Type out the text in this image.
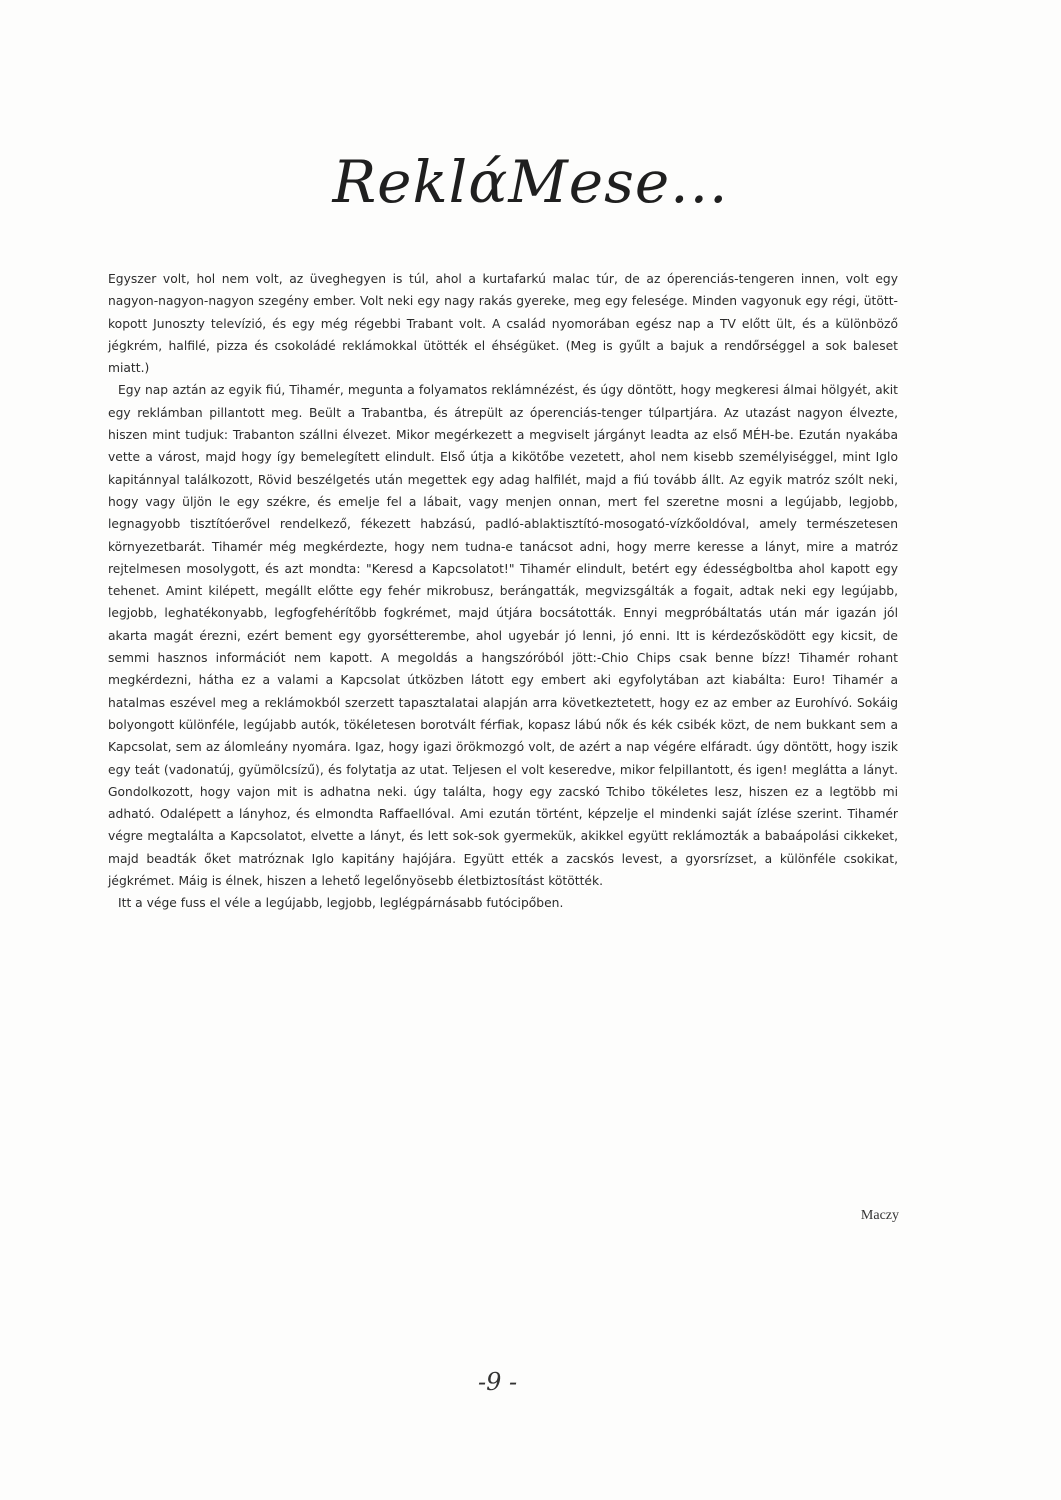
ReklάMese...

Egyszer volt, hol nem volt, az üveghegyen is túl, ahol a kurtafarkú malac túr, de az óperenciás-tengeren innen, volt egy nagyon-nagyon-nagyon szegény ember. Volt neki egy nagy rakás gyereke, meg egy felesége. Minden vagyonuk egy régi, ütött-kopott Junoszty televízió, és egy még régebbi Trabant volt. A család nyomorában egész nap a TV előtt ült, és a különböző jégkrém, halfilé, pizza és csokoládé reklámokkal ütötték el éhségüket. (Meg is gyűlt a bajuk a rendőrséggel a sok baleset miatt.)

Egy nap aztán az egyik fiú, Tihamér, megunta a folyamatos reklámnézést, és úgy döntött, hogy megkeresi álmai hölgyét, akit egy reklámban pillantott meg. Beült a Trabantba, és átrepült az óperenciás-tenger túlpartjára. Az utazást nagyon élvezte, hiszen mint tudjuk: Trabanton szállni élvezet. Mikor megérkezett a megviselt járgányt leadta az első MÉH-be. Ezután nyakába vette a várost, majd hogy így bemelegített elindult. Első útja a kikötőbe vezetett, ahol nem kisebb személyiséggel, mint Iglo kapitánnyal találkozott, Rövid beszélgetés után megettek egy adag halfilét, majd a fiú tovább állt. Az egyik matróz szólt neki, hogy vagy üljön le egy székre, és emelje fel a lábait, vagy menjen onnan, mert fel szeretne mosni a legújabb, legjobb, legnagyobb tisztítóerővel rendelkező, fékezett habzású, padló-ablaktisztító-mosogató-vízkőoldóval, amely természetesen környezetbarát. Tihamér még megkérdezte, hogy nem tudna-e tanácsot adni, hogy merre keresse a lányt, mire a matróz rejtelmesen mosolygott, és azt mondta: "Keresd a Kapcsolatot!" Tihamér elindult, betért egy édességboltba ahol kapott egy tehenet. Amint kilépett, megállt előtte egy fehér mikrobusz, berángatták, megvizsgálták a fogait, adtak neki egy legújabb, legjobb, leghatékonyabb, legfogfehérítőbb fogkrémet, majd útjára bocsátották. Ennyi megpróbáltatás után már igazán jól akarta magát érezni, ezért bement egy gyorsétterembe, ahol ugyebár jó lenni, jó enni. Itt is kérdezősködött egy kicsit, de semmi hasznos információt nem kapott. A megoldás a hangszóróból jött:-Chio Chips csak benne bízz! Tihamér rohant megkérdezni, hátha ez a valami a Kapcsolat útközben látott egy embert aki egyfolytában azt kiabálta: Euro! Tihamér a hatalmas eszével meg a reklámokból szerzett tapasztalatai alapján arra következtetett, hogy ez az ember az Eurohívó. Sokáig bolyongott különféle, legújabb autók, tökéletesen borotvált férfiak, kopasz lábú nők és kék csibék közt, de nem bukkant sem a Kapcsolat, sem az álomleány nyomára. Igaz, hogy igazi örökmozgó volt, de azért a nap végére elfáradt. úgy döntött, hogy iszik egy teát (vadonatúj, gyümölcsízű), és folytatja az utat. Teljesen el volt keseredve, mikor felpillantott, és igen! meglátta a lányt. Gondolkozott, hogy vajon mit is adhatna neki. úgy találta, hogy egy zacskó Tchibo tökéletes lesz, hiszen ez a legtöbb mi adható. Odalépett a lányhoz, és elmondta Raffaellóval. Ami ezután történt, képzelje el mindenki saját ízlése szerint. Tihamér végre megtalálta a Kapcsolatot, elvette a lányt, és lett sok-sok gyermekük, akikkel együtt reklámozták a babaápolási cikkeket, majd beadták őket matróznak Iglo kapitány hajójára. Együtt ették a zacskós levest, a gyorsrízset, a különféle csokikat, jégkrémet. Máig is élnek, hiszen a lehető legelőnyösebb életbiztosítást kötötték.

Itt a vége fuss el véle a legújabb, legjobb, leglégpárnásabb futócipőben.

Maczy
-9 -
